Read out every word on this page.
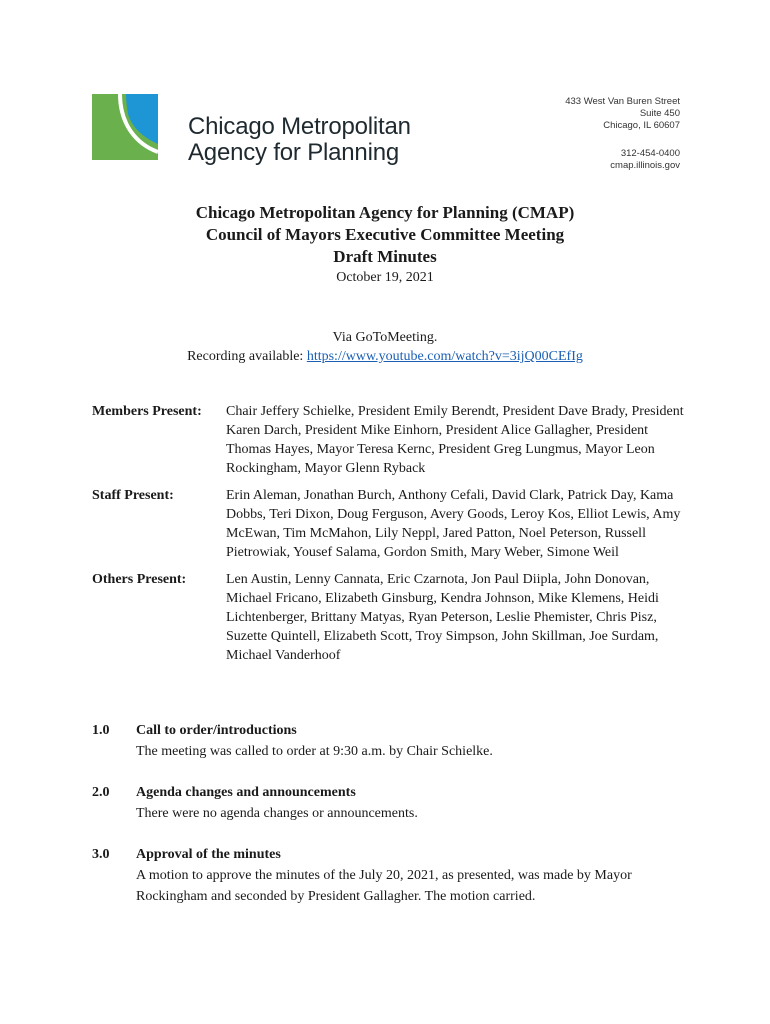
Chicago Metropolitan
Agency for Planning
433 West Van Buren Street
Suite 450
Chicago, IL 60607
312-454-0400
cmap.illinois.gov
Chicago Metropolitan Agency for Planning (CMAP)
Council of Mayors Executive Committee Meeting
Draft Minutes
October 19, 2021
Via GoToMeeting.
Recording available: https://www.youtube.com/watch?v=3ijQ00CEfIg
Members Present:	Chair Jeffery Schielke, President Emily Berendt, President Dave Brady, President Karen Darch, President Mike Einhorn, President Alice Gallagher, President Thomas Hayes, Mayor Teresa Kernc, President Greg Lungmus, Mayor Leon Rockingham, Mayor Glenn Ryback
Staff Present:	Erin Aleman, Jonathan Burch, Anthony Cefali, David Clark, Patrick Day, Kama Dobbs, Teri Dixon, Doug Ferguson, Avery Goods, Leroy Kos, Elliot Lewis, Amy McEwan, Tim McMahon, Lily Neppl, Jared Patton, Noel Peterson, Russell Pietrowiak, Yousef Salama, Gordon Smith, Mary Weber, Simone Weil
Others Present:	Len Austin, Lenny Cannata, Eric Czarnota, Jon Paul Diipla, John Donovan, Michael Fricano, Elizabeth Ginsburg, Kendra Johnson, Mike Klemens, Heidi Lichtenberger, Brittany Matyas, Ryan Peterson, Leslie Phemister, Chris Pisz, Suzette Quintell, Elizabeth Scott, Troy Simpson, John Skillman, Joe Surdam, Michael Vanderhoof
1.0	Call to order/introductions
The meeting was called to order at 9:30 a.m. by Chair Schielke.
2.0	Agenda changes and announcements
There were no agenda changes or announcements.
3.0	Approval of the minutes
A motion to approve the minutes of the July 20, 2021, as presented, was made by Mayor Rockingham and seconded by President Gallagher. The motion carried.
